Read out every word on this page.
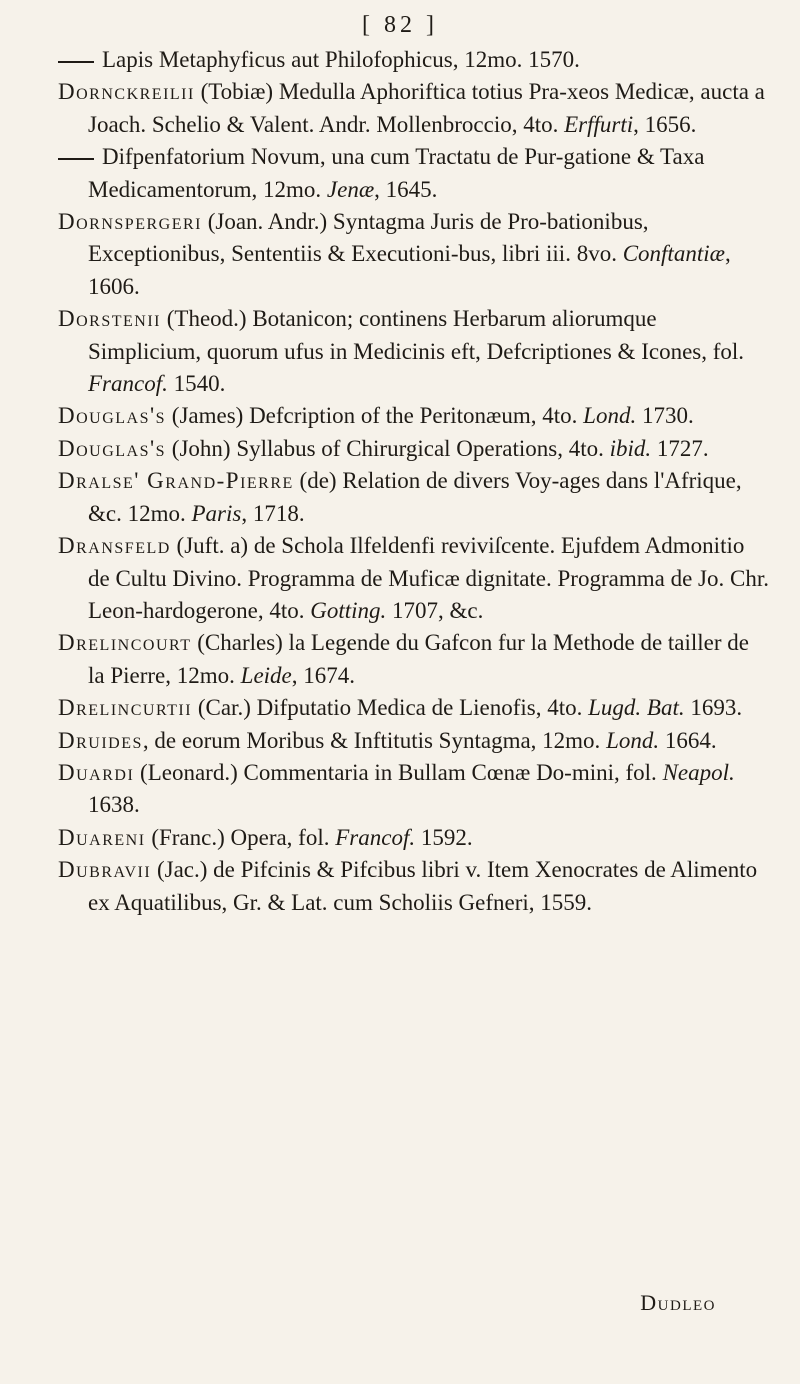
[ 82 ]

Lapis Metaphyficus aut Philofophicus, 12mo. 1570.

Dornckreilii (Tobiæ) Medulla Aphoriftica totius Pra-xeos Medicæ, aucta a Joach. Schelio & Valent. Andr. Mollenbroccio, 4to. Erffurti, 1656.

Difpenfatorium Novum, una cum Tractatu de Pur-gatione & Taxa Medicamentorum, 12mo. Jenæ, 1645.

Dornspergeri (Joan. Andr.) Syntagma Juris de Pro-bationibus, Exceptionibus, Sententiis & Executioni-bus, libri iii. 8vo. Conftantiæ, 1606.

Dorstenii (Theod.) Botanicon; continens Herbarum aliorumque Simplicium, quorum ufus in Medicinis eft, Defcriptiones & Icones, fol. Francof. 1540.

Douglas's (James) Defcription of the Peritonæum, 4to. Lond. 1730.

Douglas's (John) Syllabus of Chirurgical Operations, 4to. ibid. 1727.

Dralse' Grand-Pierre (de) Relation de divers Voy-ages dans l'Afrique, &c. 12mo. Paris, 1718.

Dransfeld (Juft. a) de Schola Ilfeldenfi reviviſcente. Ejufdem Admonitio de Cultu Divino. Programma de Muficæ dignitate. Programma de Jo. Chr. Leon-hardogerone, 4to. Gotting. 1707, &c.

Drelincourt (Charles) la Legende du Gafcon fur la Methode de tailler de la Pierre, 12mo. Leide, 1674.

Drelincurtii (Car.) Difputatio Medica de Lienofis, 4to. Lugd. Bat. 1693.

Druides, de eorum Moribus & Inftitutis Syntagma, 12mo. Lond. 1664.

Duardi (Leonard.) Commentaria in Bullam Cœnæ Do-mini, fol. Neapol. 1638.

Duareni (Franc.) Opera, fol. Francof. 1592.

Dubravii (Jac.) de Pifcinis & Pifcibus libri v. Item Xenocrates de Alimento ex Aquatilibus, Gr. & Lat. cum Scholiis Gefneri, 1559.

Dudleo
